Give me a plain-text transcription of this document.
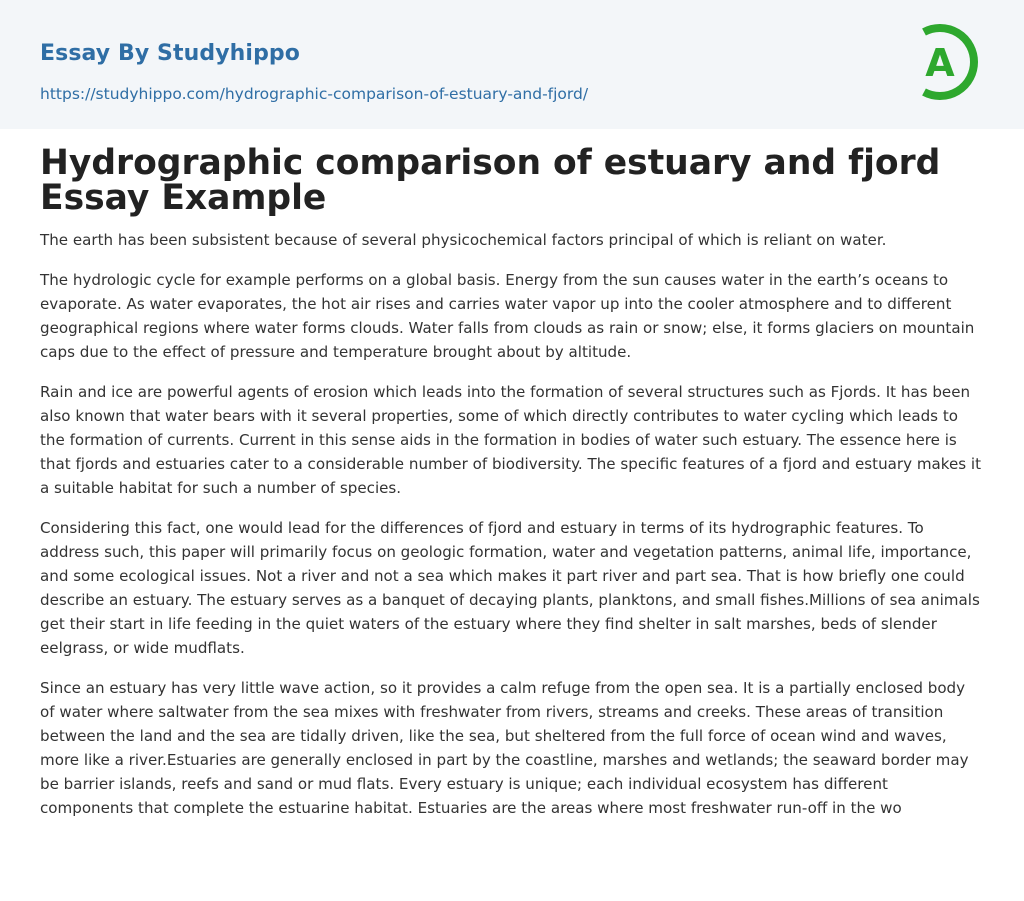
Essay By Studyhippo
https://studyhippo.com/hydrographic-comparison-of-estuary-and-fjord/
A
Hydrographic comparison of estuary and fjord Essay Example

The earth has been subsistent because of several physicochemical factors principal of which is reliant on water.

The hydrologic cycle for example performs on a global basis. Energy from the sun causes water in the earth’s oceans to evaporate. As water evaporates, the hot air rises and carries water vapor up into the cooler atmosphere and to different geographical regions where water forms clouds. Water falls from clouds as rain or snow; else, it forms glaciers on mountain caps due to the effect of pressure and temperature brought about by altitude.

Rain and ice are powerful agents of erosion which leads into the formation of several structures such as Fjords. It has been also known that water bears with it several properties, some of which directly contributes to water cycling which leads to the formation of currents. Current in this sense aids in the formation in bodies of water such estuary. The essence here is that fjords and estuaries cater to a considerable number of biodiversity. The specific features of a fjord and estuary makes it a suitable habitat for such a number of species.

Considering this fact, one would lead for the differences of fjord and estuary in terms of its hydrographic features. To address such, this paper will primarily focus on geologic formation, water and vegetation patterns, animal life, importance, and some ecological issues. Not a river and not a sea which makes it part river and part sea. That is how briefly one could describe an estuary. The estuary serves as a banquet of decaying plants, planktons, and small fishes.Millions of sea animals get their start in life feeding in the quiet waters of the estuary where they find shelter in salt marshes, beds of slender eelgrass, or wide mudflats.

Since an estuary has very little wave action, so it provides a calm refuge from the open sea. It is a partially enclosed body of water where saltwater from the sea mixes with freshwater from rivers, streams and creeks. These areas of transition between the land and the sea are tidally driven, like the sea, but sheltered from the full force of ocean wind and waves, more like a river.Estuaries are generally enclosed in part by the coastline, marshes and wetlands; the seaward border may be barrier islands, reefs and sand or mud flats. Every estuary is unique; each individual ecosystem has different components that complete the estuarine habitat. Estuaries are the areas where most freshwater run-off in the wo
